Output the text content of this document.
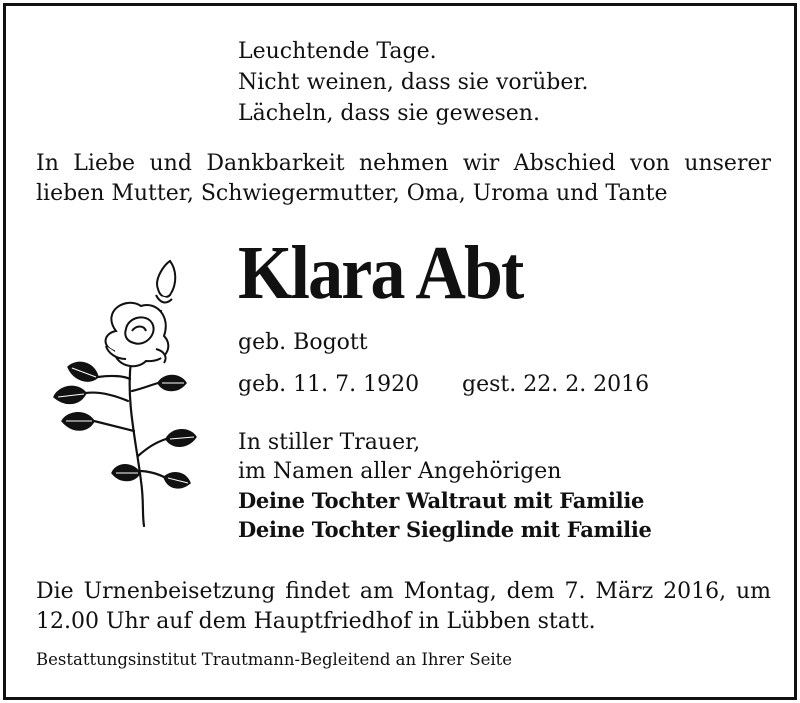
Leuchtende Tage.
Nicht weinen, dass sie vorüber.
Lächeln, dass sie gewesen.
In Liebe und Dankbarkeit nehmen wir Abschied von unserer lieben Mutter, Schwiegermutter, Oma, Uroma und Tante
Klara Abt
geb. Bogott
geb. 11. 7. 1920 gest. 22. 2. 2016
In stiller Trauer,
im Namen aller Angehörigen
Deine Tochter Waltraut mit Familie
Deine Tochter Sieglinde mit Familie
Die Urnenbeisetzung findet am Montag, dem 7. März 2016, um 12.00 Uhr auf dem Hauptfriedhof in Lübben statt.
Bestattungsinstitut Trautmann-Begleitend an Ihrer Seite
